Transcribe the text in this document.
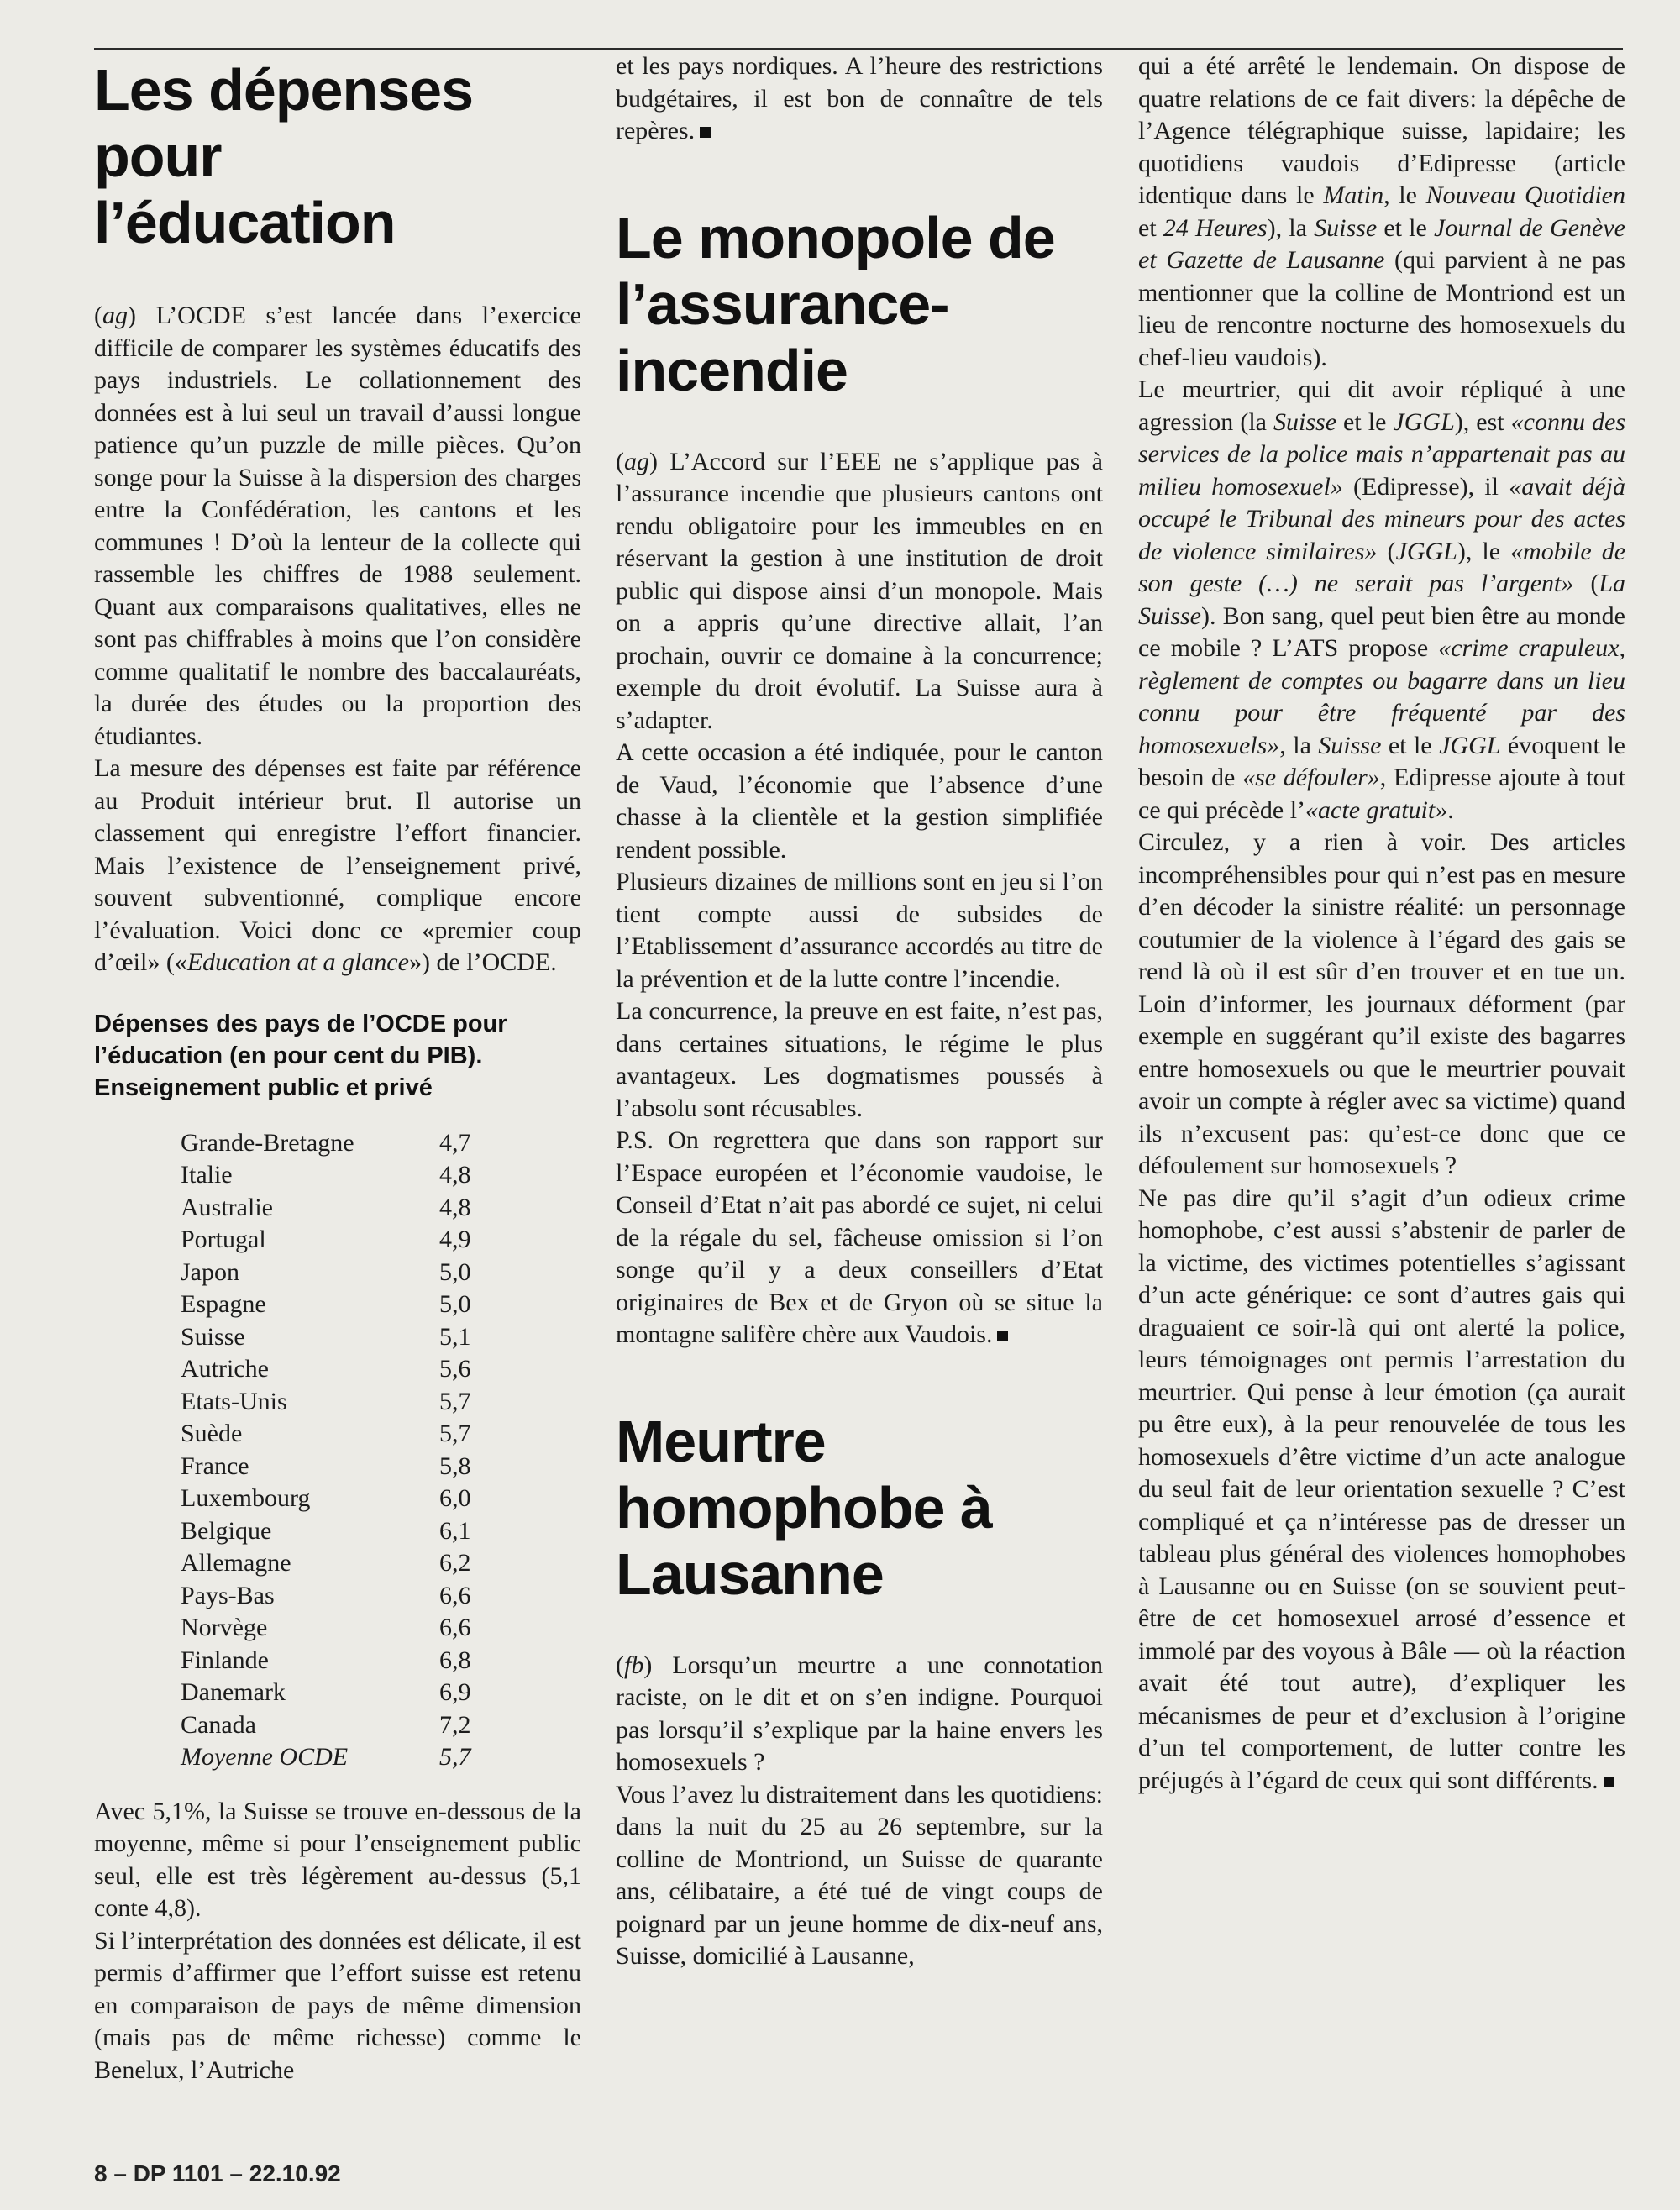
Les dépenses pour
l’éducation

(ag) L’OCDE s’est lancée dans l’exercice difficile de comparer les systèmes éducatifs des pays industriels. Le collationnement des données est à lui seul un travail d’aussi longue patience qu’un puzzle de mille pièces. Qu’on songe pour la Suisse à la dispersion des charges entre la Confédération, les cantons et les communes ! D’où la lenteur de la collecte qui rassemble les chiffres de 1988 seulement. Quant aux comparaisons qualitatives, elles ne sont pas chiffrables à moins que l’on considère comme qualitatif le nombre des baccalauréats, la durée des études ou la proportion des étudiantes.

La mesure des dépenses est faite par référence au Produit intérieur brut. Il autorise un classement qui enregistre l’effort financier. Mais l’existence de l’enseignement privé, souvent subventionné, complique encore l’évaluation. Voici donc ce «premier coup d’œil» («Education at a glance») de l’OCDE.

Dépenses des pays de l’OCDE pour
l’éducation (en pour cent du PIB).
Enseignement public et privé
Grande-Bretagne	4,7
Italie	4,8
Australie	4,8
Portugal	4,9
Japon	5,0
Espagne	5,0
Suisse	5,1
Autriche	5,6
Etats-Unis	5,7
Suède	5,7
France	5,8
Luxembourg	6,0
Belgique	6,1
Allemagne	6,2
Pays-Bas	6,6
Norvège	6,6
Finlande	6,8
Danemark	6,9
Canada	7,2
Moyenne OCDE	5,7

Avec 5,1%, la Suisse se trouve en-dessous de la moyenne, même si pour l’enseignement public seul, elle est très légèrement au-dessus (5,1 conte 4,8).

Si l’interprétation des données est délicate, il est permis d’affirmer que l’effort suisse est retenu en comparaison de pays de même dimension (mais pas de même richesse) comme le Benelux, l’Autriche

et les pays nordiques. A l’heure des restrictions budgétaires, il est bon de connaître de tels repères.

Le monopole de
l’assurance-
incendie

(ag) L’Accord sur l’EEE ne s’applique pas à l’assurance incendie que plusieurs cantons ont rendu obligatoire pour les immeubles en en réservant la gestion à une institution de droit public qui dispose ainsi d’un monopole. Mais on a appris qu’une directive allait, l’an prochain, ouvrir ce domaine à la concurrence; exemple du droit évolutif. La Suisse aura à s’adapter.

A cette occasion a été indiquée, pour le canton de Vaud, l’économie que l’absence d’une chasse à la clientèle et la gestion simplifiée rendent possible.

Plusieurs dizaines de millions sont en jeu si l’on tient compte aussi de subsides de l’Etablissement d’assurance accordés au titre de la prévention et de la lutte contre l’incendie.

La concurrence, la preuve en est faite, n’est pas, dans certaines situations, le régime le plus avantageux. Les dogmatismes poussés à l’absolu sont récusables.

P.S. On regrettera que dans son rapport sur l’Espace européen et l’économie vaudoise, le Conseil d’Etat n’ait pas abordé ce sujet, ni celui de la régale du sel, fâcheuse omission si l’on songe qu’il y a deux conseillers d’Etat originaires de Bex et de Gryon où se situe la montagne salifère chère aux Vaudois.

Meurtre
homophobe à
Lausanne

(fb) Lorsqu’un meurtre a une connotation raciste, on le dit et on s’en indigne. Pourquoi pas lorsqu’il s’explique par la haine envers les homosexuels ?

Vous l’avez lu distraitement dans les quotidiens: dans la nuit du 25 au 26 septembre, sur la colline de Montriond, un Suisse de quarante ans, célibataire, a été tué de vingt coups de poignard par un jeune homme de dix-neuf ans, Suisse, domicilié à Lausanne,

qui a été arrêté le lendemain. On dispose de quatre relations de ce fait divers: la dépêche de l’Agence télégraphique suisse, lapidaire; les quotidiens vaudois d’Edipresse (article identique dans le Matin, le Nouveau Quotidien et 24 Heures), la Suisse et le Journal de Genève et Gazette de Lausanne (qui parvient à ne pas mentionner que la colline de Montriond est un lieu de rencontre nocturne des homosexuels du chef-lieu vaudois).

Le meurtrier, qui dit avoir répliqué à une agression (la Suisse et le JGGL), est «connu des services de la police mais n’appartenait pas au milieu homosexuel» (Edipresse), il «avait déjà occupé le Tribunal des mineurs pour des actes de violence similaires» (JGGL), le «mobile de son geste (…) ne serait pas l’argent» (La Suisse). Bon sang, quel peut bien être au monde ce mobile ? L’ATS propose «crime crapuleux, règlement de comptes ou bagarre dans un lieu connu pour être fréquenté par des homosexuels», la Suisse et le JGGL évoquent le besoin de «se défouler», Edipresse ajoute à tout ce qui précède l’«acte gratuit».

Circulez, y a rien à voir. Des articles incompréhensibles pour qui n’est pas en mesure d’en décoder la sinistre réalité: un personnage coutumier de la violence à l’égard des gais se rend là où il est sûr d’en trouver et en tue un. Loin d’informer, les journaux déforment (par exemple en suggérant qu’il existe des bagarres entre homosexuels ou que le meurtrier pouvait avoir un compte à régler avec sa victime) quand ils n’excusent pas: qu’est-ce donc que ce défoulement sur homosexuels ?

Ne pas dire qu’il s’agit d’un odieux crime homophobe, c’est aussi s’abstenir de parler de la victime, des victimes potentielles s’agissant d’un acte générique: ce sont d’autres gais qui draguaient ce soir-là qui ont alerté la police, leurs témoignages ont permis l’arrestation du meurtrier. Qui pense à leur émotion (ça aurait pu être eux), à la peur renouvelée de tous les homosexuels d’être victime d’un acte analogue du seul fait de leur orientation sexuelle ? C’est compliqué et ça n’intéresse pas de dresser un tableau plus général des violences homophobes à Lausanne ou en Suisse (on se souvient peut-être de cet homosexuel arrosé d’essence et immolé par des voyous à Bâle — où la réaction avait été tout autre), d’expliquer les mécanismes de peur et d’exclusion à l’origine d’un tel comportement, de lutter contre les préjugés à l’égard de ceux qui sont différents.

8 – DP 1101 – 22.10.92
